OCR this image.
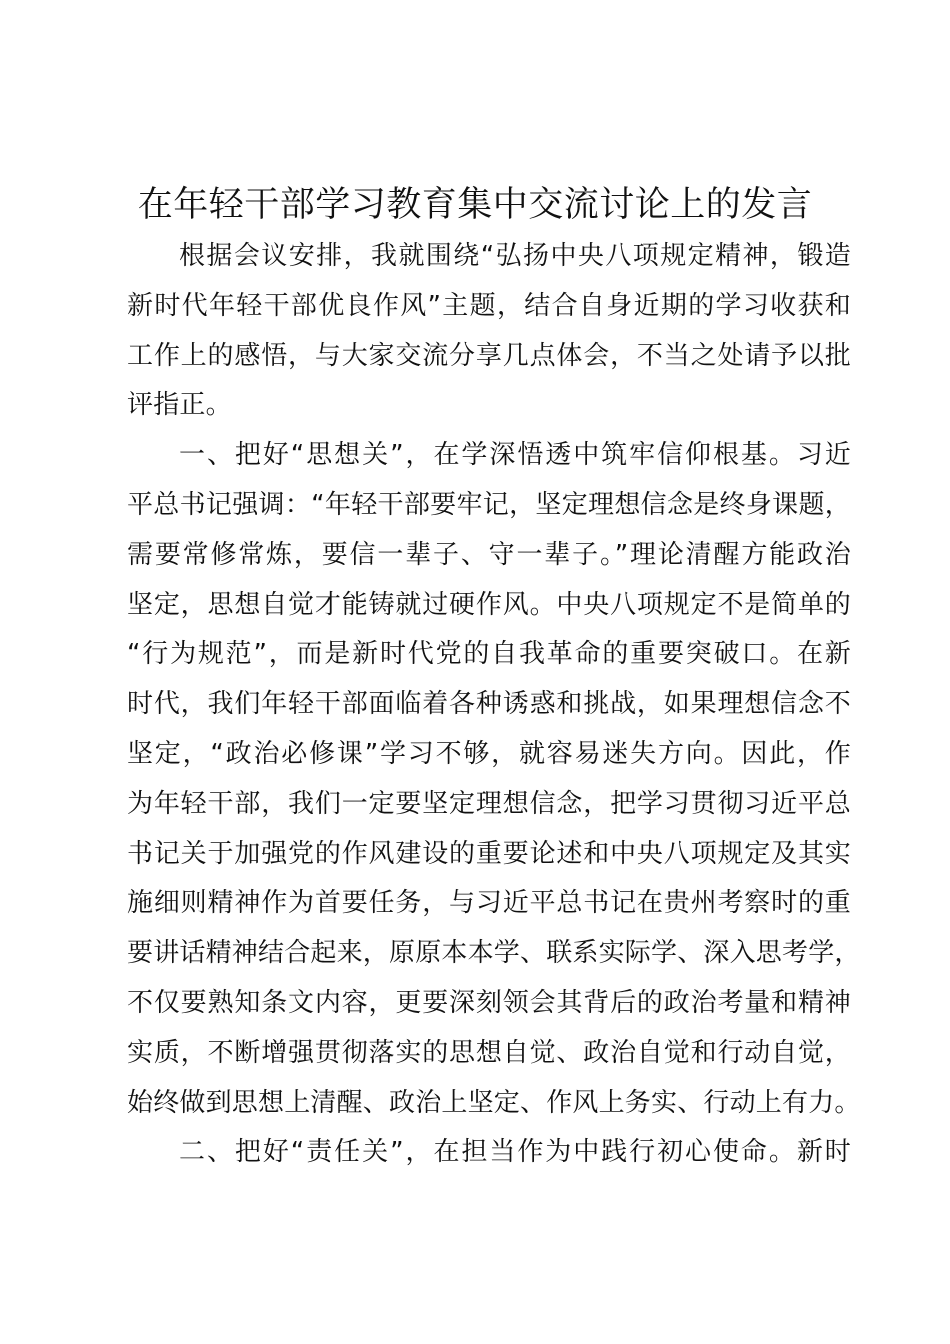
在年轻干部学习教育集中交流讨论上的发言
根据会议安排，我就围绕“弘扬中央八项规定精神，锻造
新时代年轻干部优良作风”主题，结合自身近期的学习收获和
工作上的感悟，与大家交流分享几点体会，不当之处请予以批
评指正。
一、把好“思想关”，在学深悟透中筑牢信仰根基。习近
平总书记强调：“年轻干部要牢记，坚定理想信念是终身课题，
需要常修常炼，要信一辈子、守一辈子。”理论清醒方能政治
坚定，思想自觉才能铸就过硬作风。中央八项规定不是简单的
“行为规范”，而是新时代党的自我革命的重要突破口。在新
时代，我们年轻干部面临着各种诱惑和挑战，如果理想信念不
坚定，“政治必修课”学习不够，就容易迷失方向。因此，作
为年轻干部，我们一定要坚定理想信念，把学习贯彻习近平总
书记关于加强党的作风建设的重要论述和中央八项规定及其实
施细则精神作为首要任务，与习近平总书记在贵州考察时的重
要讲话精神结合起来，原原本本学、联系实际学、深入思考学，
不仅要熟知条文内容，更要深刻领会其背后的政治考量和精神
实质，不断增强贯彻落实的思想自觉、政治自觉和行动自觉，
始终做到思想上清醒、政治上坚定、作风上务实、行动上有力。
二、把好“责任关”，在担当作为中践行初心使命。新时
